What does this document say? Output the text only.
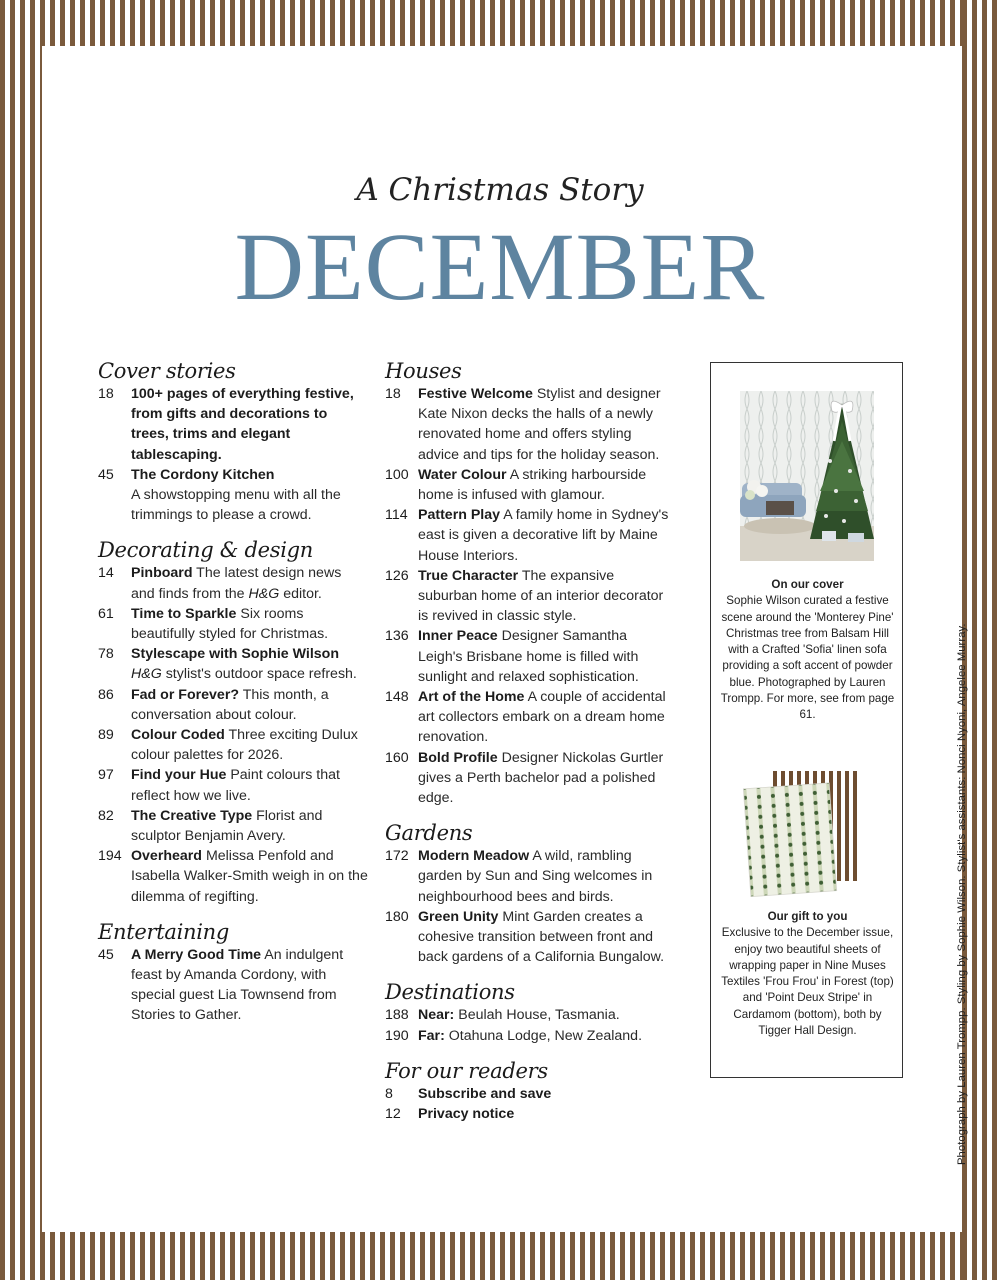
A Christmas Story
DECEMBER
Cover stories
18	100+ pages of everything festive, from gifts and decorations to trees, trims and elegant tablescaping.
45	The Cordony Kitchen
A showstopping menu with all the trimmings to please a crowd.
Decorating & design
14	Pinboard The latest design news and finds from the H&G editor.
61	Time to Sparkle Six rooms beautifully styled for Christmas.
78	Stylescape with Sophie Wilson
H&G stylist's outdoor space refresh.
86	Fad or Forever? This month, a conversation about colour.
89	Colour Coded Three exciting Dulux colour palettes for 2026.
97	Find your Hue Paint colours that reflect how we live.
82	The Creative Type Florist and sculptor Benjamin Avery.
194 Overheard Melissa Penfold and Isabella Walker-Smith weigh in on the dilemma of regifting.
Entertaining
45	A Merry Good Time An indulgent feast by Amanda Cordony, with special guest Lia Townsend from Stories to Gather.
Houses
18	Festive Welcome Stylist and designer Kate Nixon decks the halls of a newly renovated home and offers styling advice and tips for the holiday season.
100 Water Colour A striking harbourside home is infused with glamour.
114 Pattern Play A family home in Sydney's east is given a decorative lift by Maine House Interiors.
126 True Character The expansive suburban home of an interior decorator is revived in classic style.
136 Inner Peace Designer Samantha Leigh's Brisbane home is filled with sunlight and relaxed sophistication.
148 Art of the Home A couple of accidental art collectors embark on a dream home renovation.
160 Bold Profile Designer Nickolas Gurtler gives a Perth bachelor pad a polished edge.
Gardens
172 Modern Meadow A wild, rambling garden by Sun and Sing welcomes in neighbourhood bees and birds.
180 Green Unity Mint Garden creates a cohesive transition between front and back gardens of a California Bungalow.
Destinations
188 Near: Beulah House, Tasmania.
190 Far: Otahuna Lodge, New Zealand.
For our readers
8	Subscribe and save
12	Privacy notice
On our cover
Sophie Wilson curated a festive scene around the 'Monterey Pine' Christmas tree from Balsam Hill with a Crafted 'Sofia' linen sofa providing a soft accent of powder blue. Photographed by Lauren Trompp. For more, see from page 61.
Our gift to you
Exclusive to the December issue, enjoy two beautiful sheets of wrapping paper in Nine Muses Textiles 'Frou Frou' in Forest (top) and 'Point Deux Stripe' in Cardamom (bottom), both by Tigger Hall Design.	Photograph by Lauren Trompp. Styling by Sophie Wilson. Stylist's assistants: Nonci Nyoni, Angelee Murray.
